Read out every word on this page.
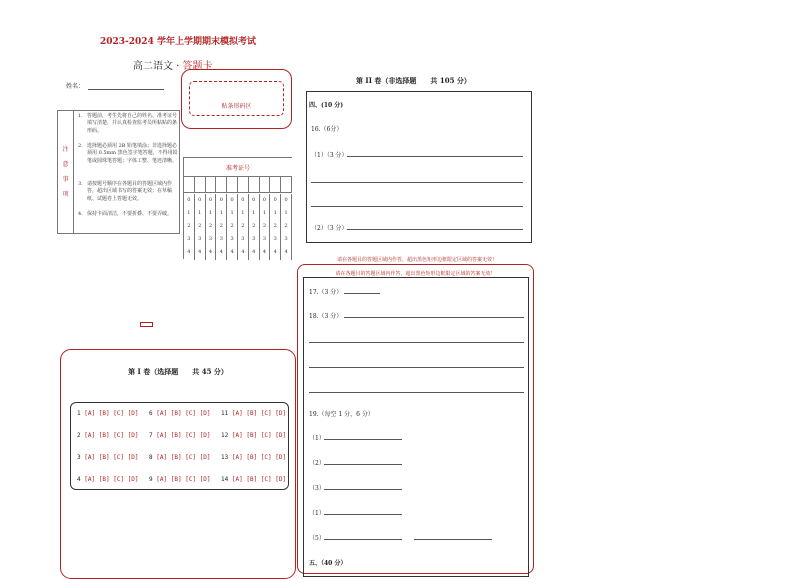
2023-2024 学年上学期期末模拟考试
高二语文 · 答题卡
姓名：
贴条形码区
注
意
事
项
1. 答题前，考生先将自己的姓名、准考证号填写清楚，并认真检查监考员所粘贴的条形码。
2. 选择题必须用 2B 铅笔填涂；非选择题必须用 0.5mm 黑色签字笔答题，不得用铅笔或圆珠笔答题；字体工整、笔迹清晰。
3. 请按题号顺序在各题目的答题区域内作答，超出区域书写的答案无效；在草稿纸、试题卷上答题无效。
4. 保持卡面清洁，不要折叠、不要弄破。
准考证号
0
1
2
3
4
0
1
2
3
4
0
1
2
3
4
0
1
2
3
4
0
1
2
3
4
0
1
2
3
4
0
1
2
3
4
0
1
2
3
4
0
1
2
3
4
0
1
2
3
4
第 I 卷（选择题　　共 45 分）
1 [A] [B] [C] [D]
2 [A] [B] [C] [D]
3 [A] [B] [C] [D]
4 [A] [B] [C] [D]
6 [A] [B] [C] [D]
7 [A] [B] [C] [D]
8 [A] [B] [C] [D]
9 [A] [B] [C] [D]
11 [A] [B] [C] [D]
12 [A] [B] [C] [D]
13 [A] [B] [C] [D]
14 [A] [B] [C] [D]
第 II 卷（非选择题　　共 105 分）
四、(10 分)
16.（6分）
（1）（3 分）
（2）（3 分）
请在各题目的答题区域内作答，超出黑色矩形边框限定区域的答案无效！
请在各题目的答题区域内作答，超出黑色矩形边框限定区域的答案无效！
17.（3 分）
18.（3 分）
19.（每空 1 分，6 分）
（1）
（2）
（3）
（1）
（5）
五、（40 分）
